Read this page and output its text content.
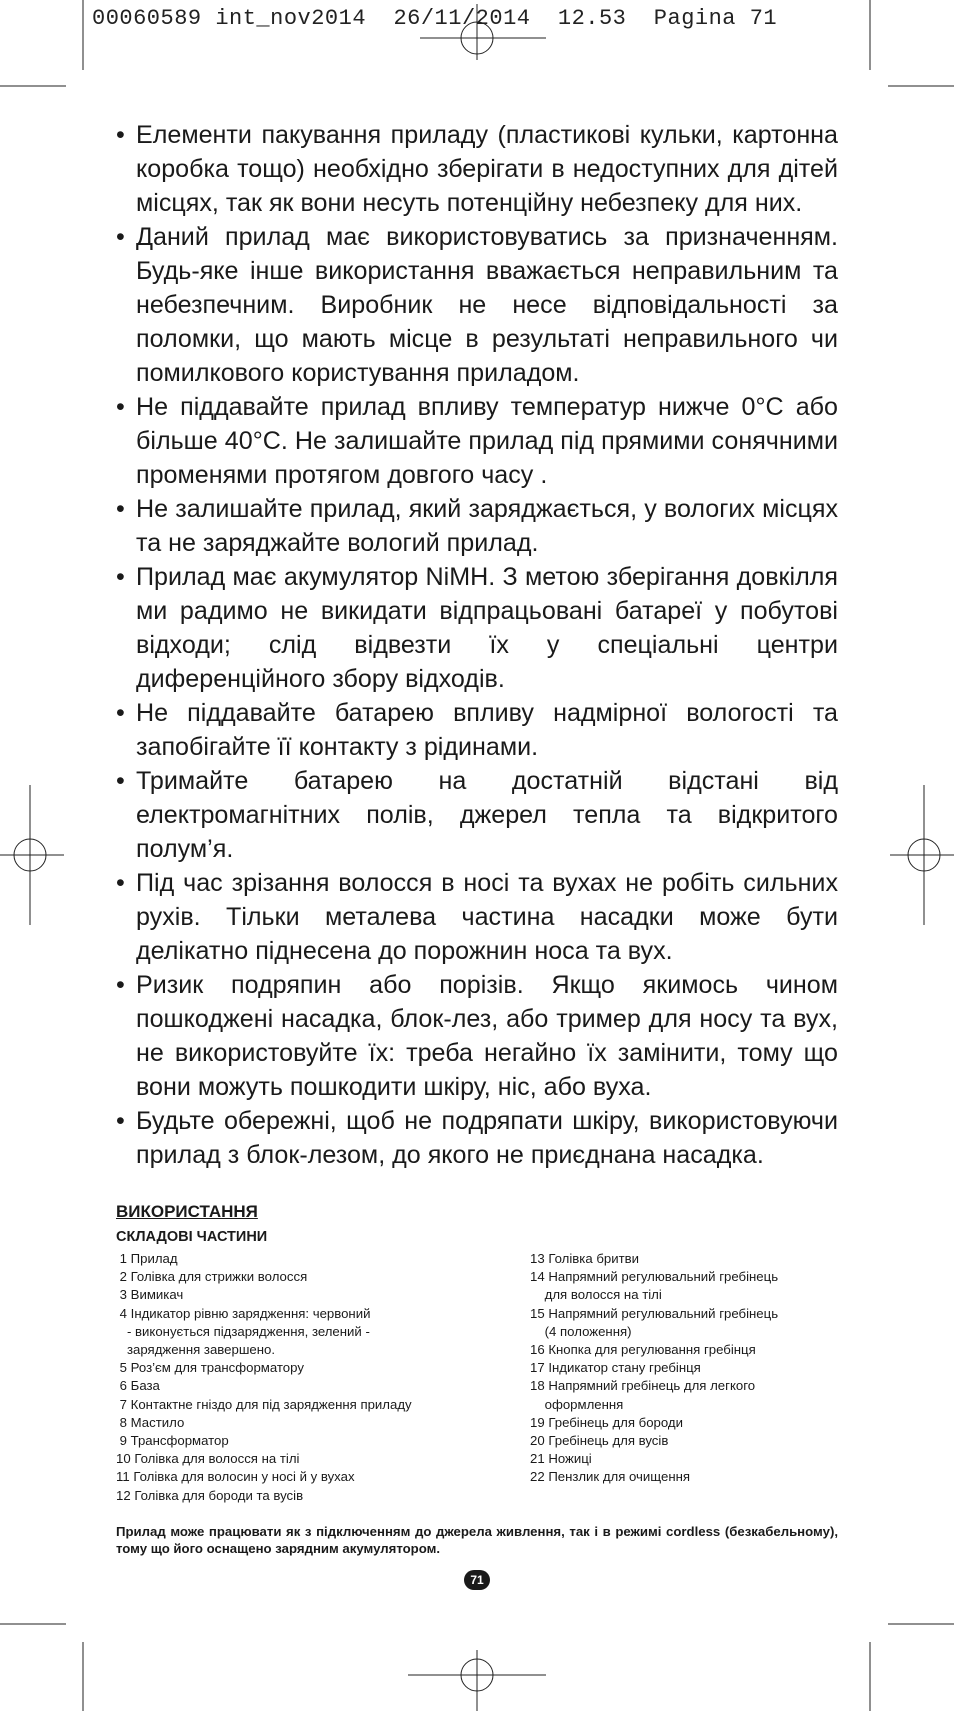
00060589 int_nov2014  26/11/2014  12.53  Pagina 71
• Елементи пакування приладу (пластикові кульки, картонна коробка тощо) необхідно зберігати в недоступних для дітей місцях, так як вони несуть потенційну небезпеку для них.
• Даний прилад має використовуватись за призначенням. Будь-яке інше використання вважається неправильним та небезпечним. Виробник не несе відповідальності за поломки, що мають місце в результаті неправильного чи помилкового користування приладом.
• Не піддавайте прилад впливу температур нижче 0°C або більше 40°C. Не залишайте прилад під прямими сонячними променями протягом довгого часу .
• Не залишайте прилад, який заряджається, у вологих місцях та не заряджайте вологий прилад.
• Прилад має акумулятор NiMH. З метою зберігання довкілля ми радимо не викидати відпрацьовані батареї у побутові відходи; слід відвезти їх у спеціальні центри диференційного збору відходів.
• Не піддавайте батарею впливу надмірної вологості та запобігайте її контакту з рідинами.
• Тримайте батарею на достатній відстані від електромагнітних полів, джерел тепла та відкритого полум’я.
• Під час зрізання волосся в носі та вухах не робіть сильних рухів. Тільки металева частина насадки може бути делікатно піднесена до порожнин носа та вух.
• Ризик подряпин або порізів. Якщо якимось чином пошкоджені насадка, блок-лез, або тример для носу та вух, не використовуйте їх: треба негайно їх замінити, тому що вони можуть пошкодити шкіру, ніс, або вуха.
• Будьте обережні, щоб не подряпати шкіру, використовуючи прилад з блок-лезом, до якого не приєднана насадка.
ВИКОРИСТАННЯ
СКЛАДОВІ ЧАСТИНИ
1 Прилад
2 Голівка для стрижки волосся
3 Вимикач
4 Індикатор рівню зарядження: червоний
- виконується підзарядження, зелений -
зарядження завершено.
5 Роз’єм для трансформатору
6 База
7 Контактне гніздо для під зарядження приладу
8 Мастило
9 Трансформатор
10 Голівка для волосся на тілі
11 Голівка для волосин у носі й у вухах
12 Голівка для бороди та вусів
13 Голівка бритви
14 Напрямний регулювальний гребінець
для волосся на тілі
15 Напрямний регулювальний гребінець
(4 положення)
16 Кнопка для регулювання гребінця
17 Індикатор стану гребінця
18 Напрямний гребінець для легкого
оформлення
19 Гребінець для бороди
20 Гребінець для вусів
21 Ножиці
22 Пензлик для очищення
Прилад може працювати як з підключенням до джерела живлення, так і в режимі cordless (безкабельному), тому що його оснащено зарядним акумулятором.
71
